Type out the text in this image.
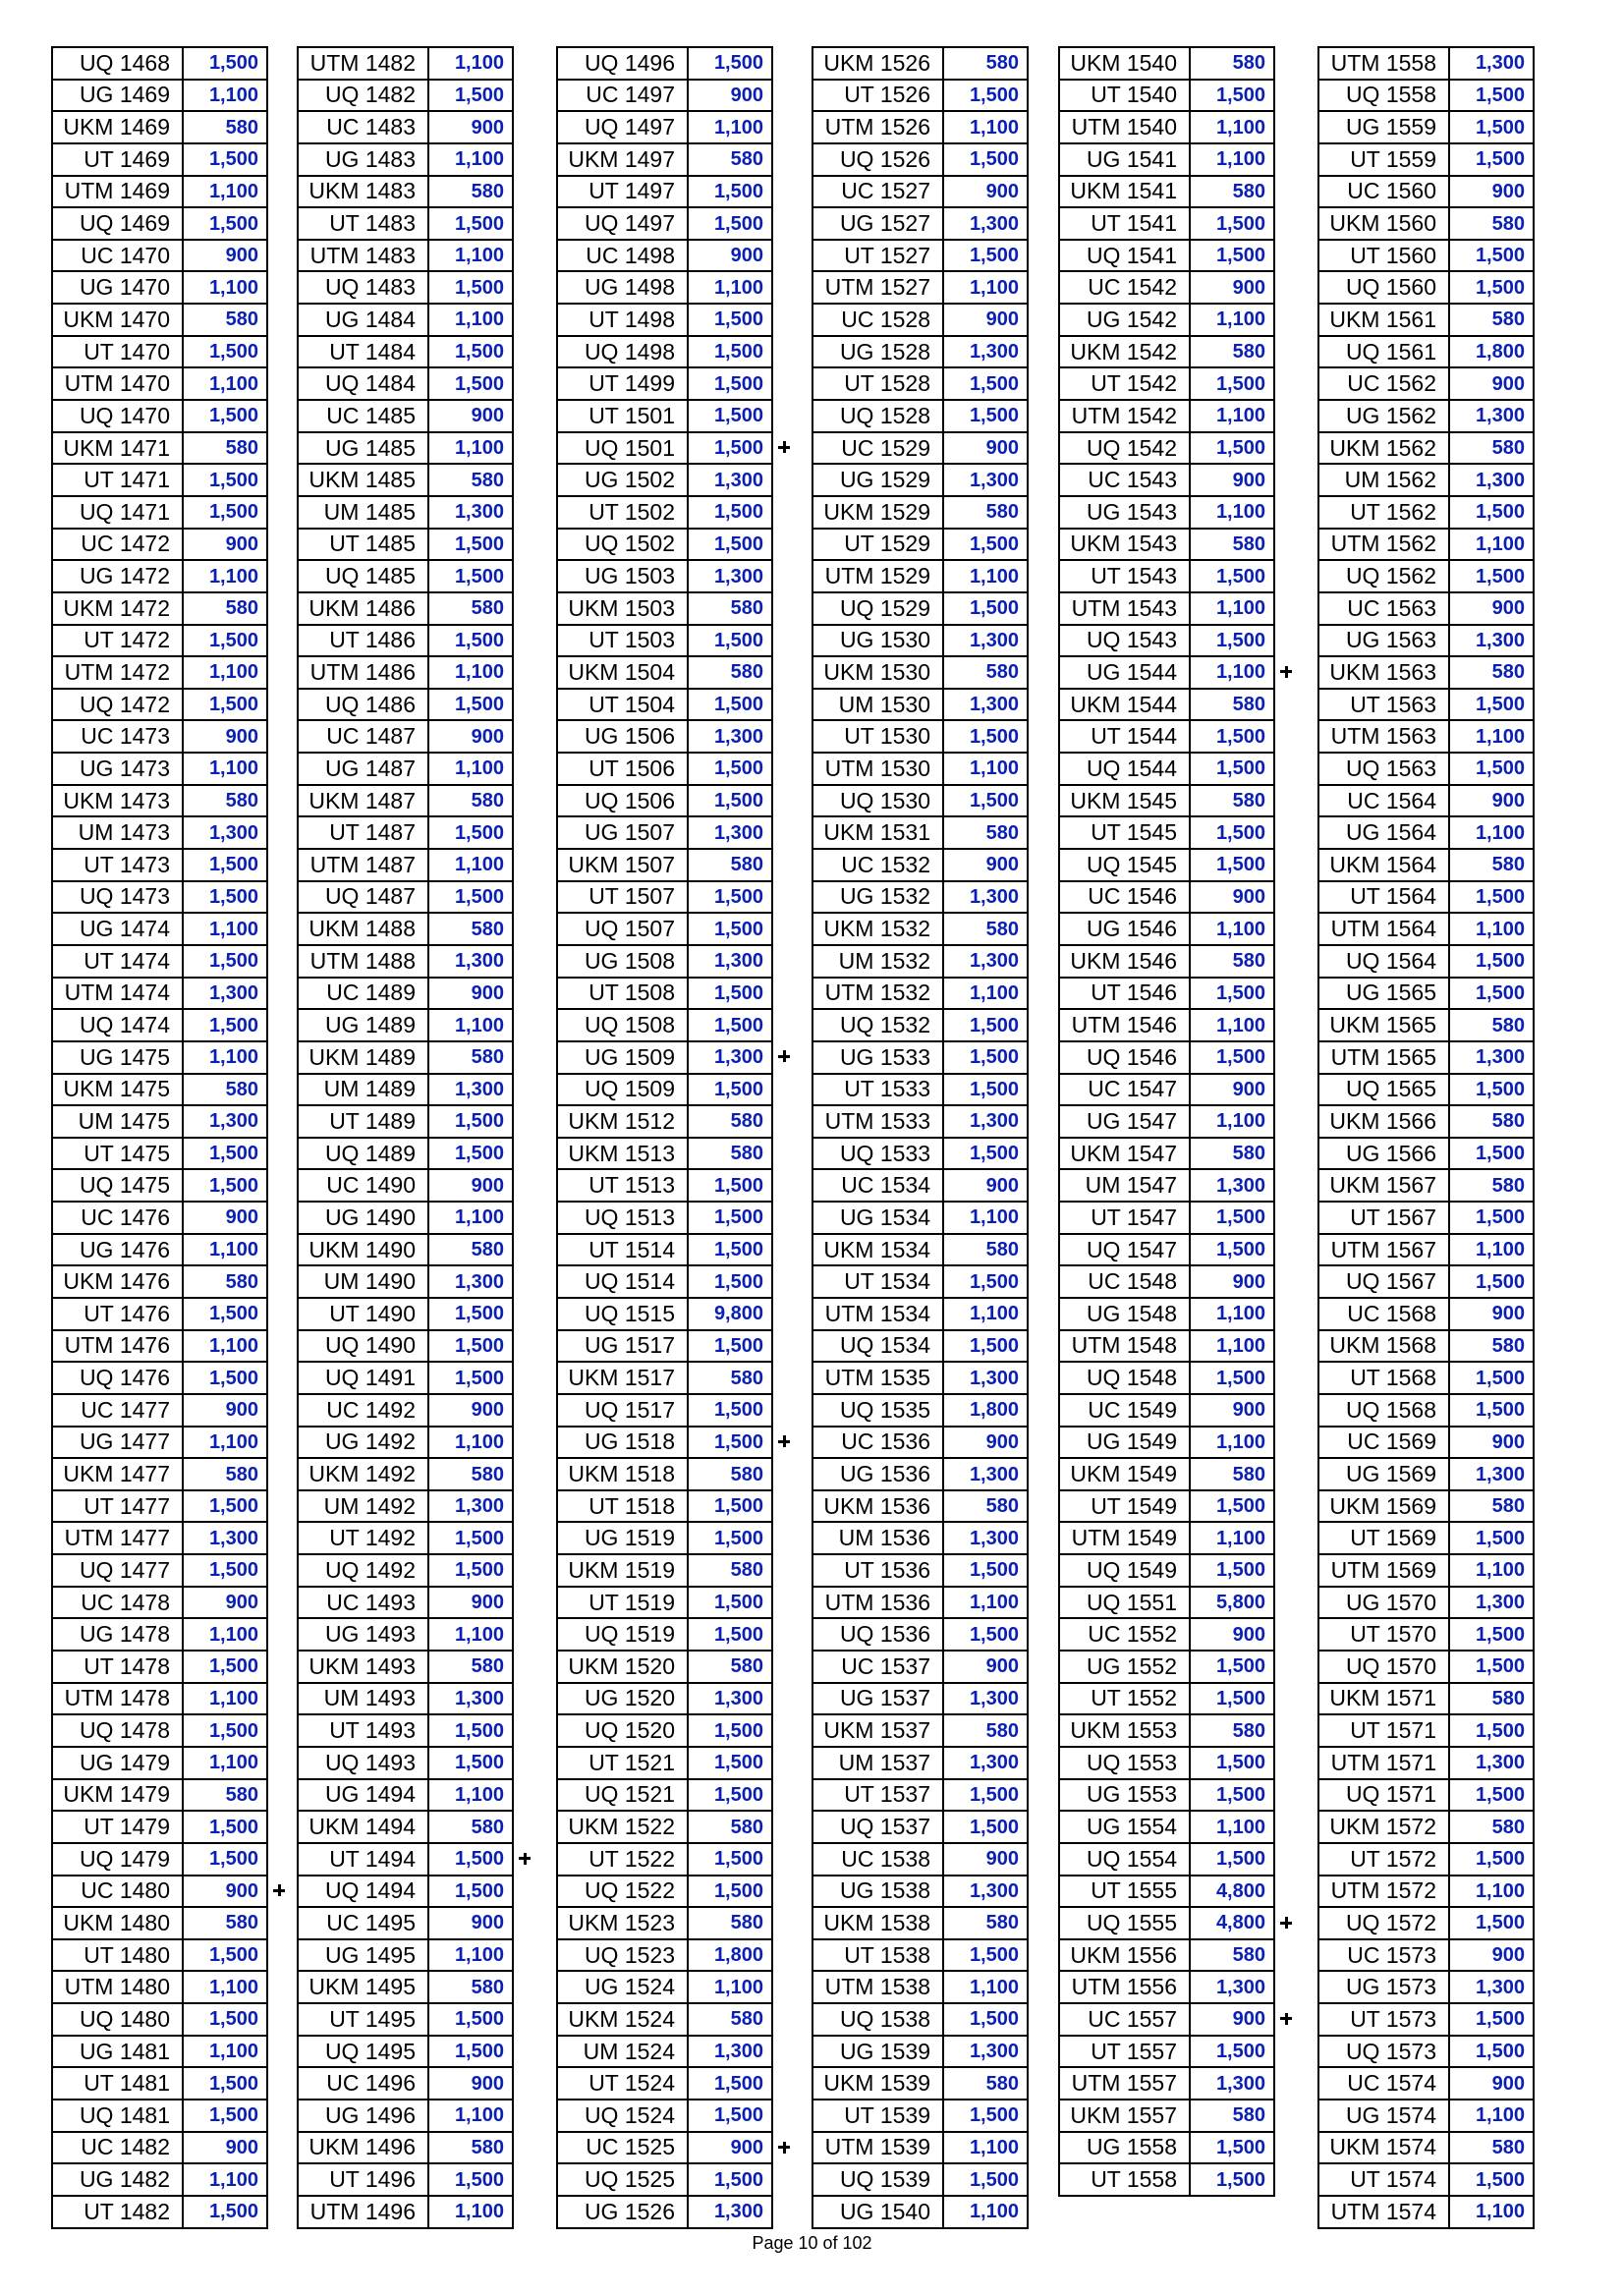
UQ 1468	1,500
UG 1469	1,100
UKM 1469	580
UT 1469	1,500
UTM 1469	1,100
UQ 1469	1,500
UC 1470	900
UG 1470	1,100
UKM 1470	580
UT 1470	1,500
UTM 1470	1,100
UQ 1470	1,500
UKM 1471	580
UT 1471	1,500
UQ 1471	1,500
UC 1472	900
UG 1472	1,100
UKM 1472	580
UT 1472	1,500
UTM 1472	1,100
UQ 1472	1,500
UC 1473	900
UG 1473	1,100
UKM 1473	580
UM 1473	1,300
UT 1473	1,500
UQ 1473	1,500
UG 1474	1,100
UT 1474	1,500
UTM 1474	1,300
UQ 1474	1,500
UG 1475	1,100
UKM 1475	580
UM 1475	1,300
UT 1475	1,500
UQ 1475	1,500
UC 1476	900
UG 1476	1,100
UKM 1476	580
UT 1476	1,500
UTM 1476	1,100
UQ 1476	1,500
UC 1477	900
UG 1477	1,100
UKM 1477	580
UT 1477	1,500
UTM 1477	1,300
UQ 1477	1,500
UC 1478	900
UG 1478	1,100
UT 1478	1,500
UTM 1478	1,100
UQ 1478	1,500
UG 1479	1,100
UKM 1479	580
UT 1479	1,500
UQ 1479	1,500
UC 1480	900
UKM 1480	580
UT 1480	1,500
UTM 1480	1,100
UQ 1480	1,500
UG 1481	1,100
UT 1481	1,500
UQ 1481	1,500
UC 1482	900
UG 1482	1,100
UT 1482	1,500
UTM 1482	1,100
UQ 1482	1,500
UC 1483	900
UG 1483	1,100
UKM 1483	580
UT 1483	1,500
UTM 1483	1,100
UQ 1483	1,500
UG 1484	1,100
UT 1484	1,500
UQ 1484	1,500
UC 1485	900
UG 1485	1,100
UKM 1485	580
UM 1485	1,300
UT 1485	1,500
UQ 1485	1,500
UKM 1486	580
UT 1486	1,500
UTM 1486	1,100
UQ 1486	1,500
UC 1487	900
UG 1487	1,100
UKM 1487	580
UT 1487	1,500
UTM 1487	1,100
UQ 1487	1,500
UKM 1488	580
UTM 1488	1,300
UC 1489	900
UG 1489	1,100
UKM 1489	580
UM 1489	1,300
UT 1489	1,500
UQ 1489	1,500
UC 1490	900
UG 1490	1,100
UKM 1490	580
UM 1490	1,300
UT 1490	1,500
UQ 1490	1,500
UQ 1491	1,500
UC 1492	900
UG 1492	1,100
UKM 1492	580
UM 1492	1,300
UT 1492	1,500
UQ 1492	1,500
UC 1493	900
UG 1493	1,100
UKM 1493	580
UM 1493	1,300
UT 1493	1,500
UQ 1493	1,500
UG 1494	1,100
UKM 1494	580
UT 1494	1,500
UQ 1494	1,500
UC 1495	900
UG 1495	1,100
UKM 1495	580
UT 1495	1,500
UQ 1495	1,500
UC 1496	900
UG 1496	1,100
UKM 1496	580
UT 1496	1,500
UTM 1496	1,100
UQ 1496	1,500
UC 1497	900
UQ 1497	1,100
UKM 1497	580
UT 1497	1,500
UQ 1497	1,500
UC 1498	900
UG 1498	1,100
UT 1498	1,500
UQ 1498	1,500
UT 1499	1,500
UT 1501	1,500
UQ 1501	1,500
UG 1502	1,300
UT 1502	1,500
UQ 1502	1,500
UG 1503	1,300
UKM 1503	580
UT 1503	1,500
UKM 1504	580
UT 1504	1,500
UG 1506	1,300
UT 1506	1,500
UQ 1506	1,500
UG 1507	1,300
UKM 1507	580
UT 1507	1,500
UQ 1507	1,500
UG 1508	1,300
UT 1508	1,500
UQ 1508	1,500
UG 1509	1,300
UQ 1509	1,500
UKM 1512	580
UKM 1513	580
UT 1513	1,500
UQ 1513	1,500
UT 1514	1,500
UQ 1514	1,500
UQ 1515	9,800
UG 1517	1,500
UKM 1517	580
UQ 1517	1,500
UG 1518	1,500
UKM 1518	580
UT 1518	1,500
UG 1519	1,500
UKM 1519	580
UT 1519	1,500
UQ 1519	1,500
UKM 1520	580
UG 1520	1,300
UQ 1520	1,500
UT 1521	1,500
UQ 1521	1,500
UKM 1522	580
UT 1522	1,500
UQ 1522	1,500
UKM 1523	580
UQ 1523	1,800
UG 1524	1,100
UKM 1524	580
UM 1524	1,300
UT 1524	1,500
UQ 1524	1,500
UC 1525	900
UQ 1525	1,500
UG 1526	1,300
UKM 1526	580
UT 1526	1,500
UTM 1526	1,100
UQ 1526	1,500
UC 1527	900
UG 1527	1,300
UT 1527	1,500
UTM 1527	1,100
UC 1528	900
UG 1528	1,300
UT 1528	1,500
UQ 1528	1,500
UC 1529	900
UG 1529	1,300
UKM 1529	580
UT 1529	1,500
UTM 1529	1,100
UQ 1529	1,500
UG 1530	1,300
UKM 1530	580
UM 1530	1,300
UT 1530	1,500
UTM 1530	1,100
UQ 1530	1,500
UKM 1531	580
UC 1532	900
UG 1532	1,300
UKM 1532	580
UM 1532	1,300
UTM 1532	1,100
UQ 1532	1,500
UG 1533	1,500
UT 1533	1,500
UTM 1533	1,300
UQ 1533	1,500
UC 1534	900
UG 1534	1,100
UKM 1534	580
UT 1534	1,500
UTM 1534	1,100
UQ 1534	1,500
UTM 1535	1,300
UQ 1535	1,800
UC 1536	900
UG 1536	1,300
UKM 1536	580
UM 1536	1,300
UT 1536	1,500
UTM 1536	1,100
UQ 1536	1,500
UC 1537	900
UG 1537	1,300
UKM 1537	580
UM 1537	1,300
UT 1537	1,500
UQ 1537	1,500
UC 1538	900
UG 1538	1,300
UKM 1538	580
UT 1538	1,500
UTM 1538	1,100
UQ 1538	1,500
UG 1539	1,300
UKM 1539	580
UT 1539	1,500
UTM 1539	1,100
UQ 1539	1,500
UG 1540	1,100
UKM 1540	580
UT 1540	1,500
UTM 1540	1,100
UG 1541	1,100
UKM 1541	580
UT 1541	1,500
UQ 1541	1,500
UC 1542	900
UG 1542	1,100
UKM 1542	580
UT 1542	1,500
UTM 1542	1,100
UQ 1542	1,500
UC 1543	900
UG 1543	1,100
UKM 1543	580
UT 1543	1,500
UTM 1543	1,100
UQ 1543	1,500
UG 1544	1,100
UKM 1544	580
UT 1544	1,500
UQ 1544	1,500
UKM 1545	580
UT 1545	1,500
UQ 1545	1,500
UC 1546	900
UG 1546	1,100
UKM 1546	580
UT 1546	1,500
UTM 1546	1,100
UQ 1546	1,500
UC 1547	900
UG 1547	1,100
UKM 1547	580
UM 1547	1,300
UT 1547	1,500
UQ 1547	1,500
UC 1548	900
UG 1548	1,100
UTM 1548	1,100
UQ 1548	1,500
UC 1549	900
UG 1549	1,100
UKM 1549	580
UT 1549	1,500
UTM 1549	1,100
UQ 1549	1,500
UQ 1551	5,800
UC 1552	900
UG 1552	1,500
UT 1552	1,500
UKM 1553	580
UQ 1553	1,500
UG 1553	1,500
UG 1554	1,100
UQ 1554	1,500
UT 1555	4,800
UQ 1555	4,800
UKM 1556	580
UTM 1556	1,300
UC 1557	900
UT 1557	1,500
UTM 1557	1,300
UKM 1557	580
UG 1558	1,500
UT 1558	1,500
UTM 1558	1,300
UQ 1558	1,500
UG 1559	1,500
UT 1559	1,500
UC 1560	900
UKM 1560	580
UT 1560	1,500
UQ 1560	1,500
UKM 1561	580
UQ 1561	1,800
UC 1562	900
UG 1562	1,300
UKM 1562	580
UM 1562	1,300
UT 1562	1,500
UTM 1562	1,100
UQ 1562	1,500
UC 1563	900
UG 1563	1,300
UKM 1563	580
UT 1563	1,500
UTM 1563	1,100
UQ 1563	1,500
UC 1564	900
UG 1564	1,100
UKM 1564	580
UT 1564	1,500
UTM 1564	1,100
UQ 1564	1,500
UG 1565	1,500
UKM 1565	580
UTM 1565	1,300
UQ 1565	1,500
UKM 1566	580
UG 1566	1,500
UKM 1567	580
UT 1567	1,500
UTM 1567	1,100
UQ 1567	1,500
UC 1568	900
UKM 1568	580
UT 1568	1,500
UQ 1568	1,500
UC 1569	900
UG 1569	1,300
UKM 1569	580
UT 1569	1,500
UTM 1569	1,100
UG 1570	1,300
UT 1570	1,500
UQ 1570	1,500
UKM 1571	580
UT 1571	1,500
UTM 1571	1,300
UQ 1571	1,500
UKM 1572	580
UT 1572	1,500
UTM 1572	1,100
UQ 1572	1,500
UC 1573	900
UG 1573	1,300
UT 1573	1,500
UQ 1573	1,500
UC 1574	900
UG 1574	1,100
UKM 1574	580
UT 1574	1,500
UTM 1574	1,100
Page 10 of 102
